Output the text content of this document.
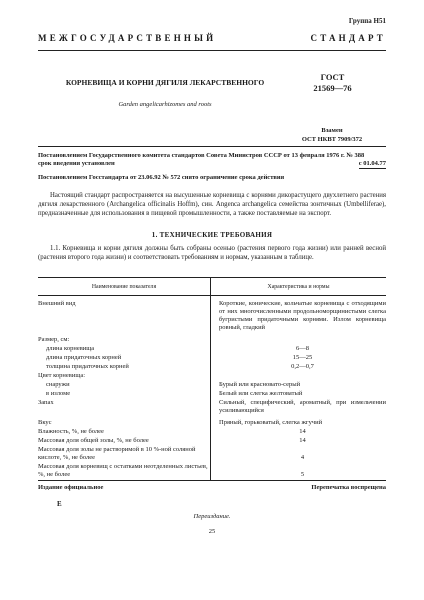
Группа Н51
МЕЖГОСУДАРСТВЕННЫЙ СТАНДАРТ
КОРНЕВИЩА И КОРНИ ДЯГИЛЯ ЛЕКАРСТВЕННОГО
Garden angelicarhizomes and roots
ГОСТ
21569—76
Взамен
ОСТ НКВТ 7909/372
Постановлением Государственного комитета стандартов Совета Министров СССР от 13 февраля 1976 г. № 388
срок введения установлен	с 01.04.77
Постановлением Госстандарта от 23.06.92 № 572 снято ограничение срока действия
Настоящий стандарт распространяется на высушенные корневища с корнями дикорастущего двухлетнего растения дягиля лекарственного (Archangelica officinalis Hoffm), син. Angenca archangelica семейства зонтичных (Umbelliferae), предназначенные для использования в пищевой промышленности, а также поставляемые на экспорт.
1. ТЕХНИЧЕСКИЕ ТРЕБОВАНИЯ
1.1. Корневища и корни дягиля должны быть собраны осенью (растения первого года жизни) или ранней весной (растения второго года жизни) и соответствовать требованиям и нормам, указанным в таблице.
Наименование показателя	Характеристика и нормы

Внешний вид	Короткие, конические, кольчатые корневища с отходящими от них многочисленными продольноморщинистыми слегка бугристыми придаточными корнями. Излом корневища ровный, гладкий

Размер, см:	
длина корневища	6—8
длина придаточных корней	15—25
толщина придаточных корней	0,2—0,7
Цвет корневища:	
снаружи	Бурый или красновато-серый
в изломе	Белый или слегка желтоватый
Запах	Сильный, специфический, ароматный, при измельчении усиливающийся

Вкус	Пряный, горьковатый, слегка жгучий
Влажность, %, не более	14
Массовая доля общей золы, %, не более	14
Массовая доля золы не растворимой в 10 %-ной соляной кислоте, %, не более	4
Массовая доля корневищ с остатками неотделенных листьев, %, не более	5
Издание официальное	Перепечатка воспрещена
Е
Переиздание.
25
